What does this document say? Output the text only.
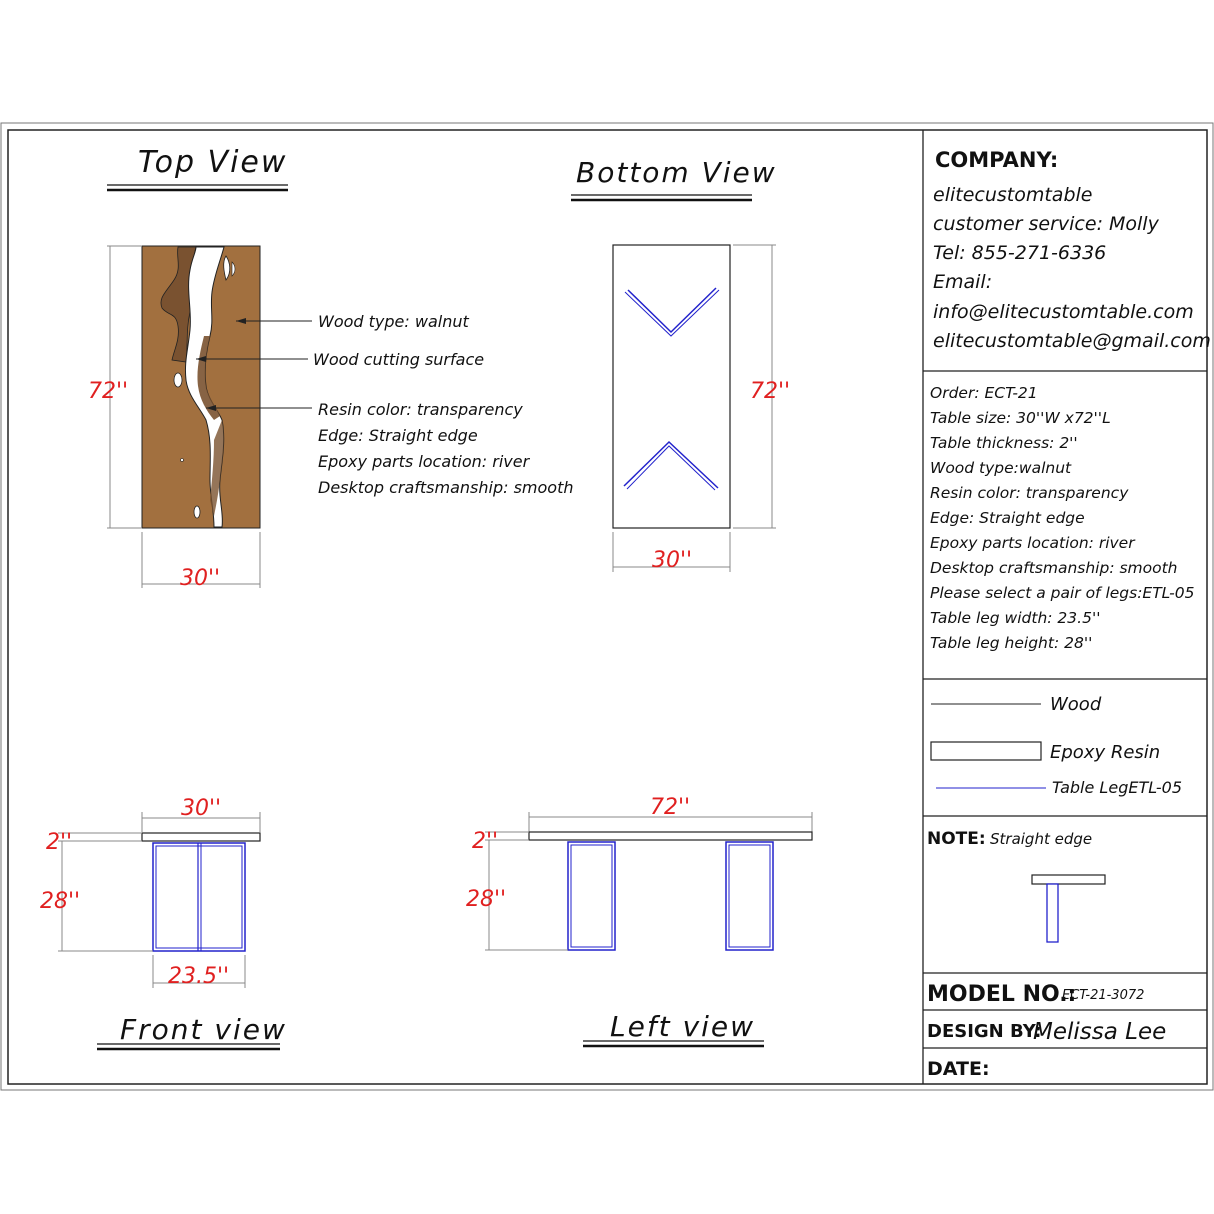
Top View
72''
30''
Wood type: walnut
Wood cutting surface
Resin color: transparency
Edge: Straight edge
Epoxy parts location: river
Desktop craftsmanship: smooth
Bottom View
72''
30''
30''
2''
28''
23.5''
Front view
72''
2''
28''
Left view
COMPANY:
elitecustomtable
customer service: Molly
Tel: 855-271-6336
Email:
info@elitecustomtable.com
elitecustomtable@gmail.com
Order: ECT-21
Table size: 30''W x72''L
Table thickness: 2''
Wood type:walnut
Resin color: transparency
Edge: Straight edge
Epoxy parts location: river
Desktop craftsmanship: smooth
Please select a pair of legs:ETL-05
Table leg width: 23.5''
Table leg height: 28''
Wood
Epoxy Resin
Table LegETL-05
NOTE: Straight edge
MODEL NO.:
ECT-21-3072
DESIGN BY:
Melissa Lee
DATE:
